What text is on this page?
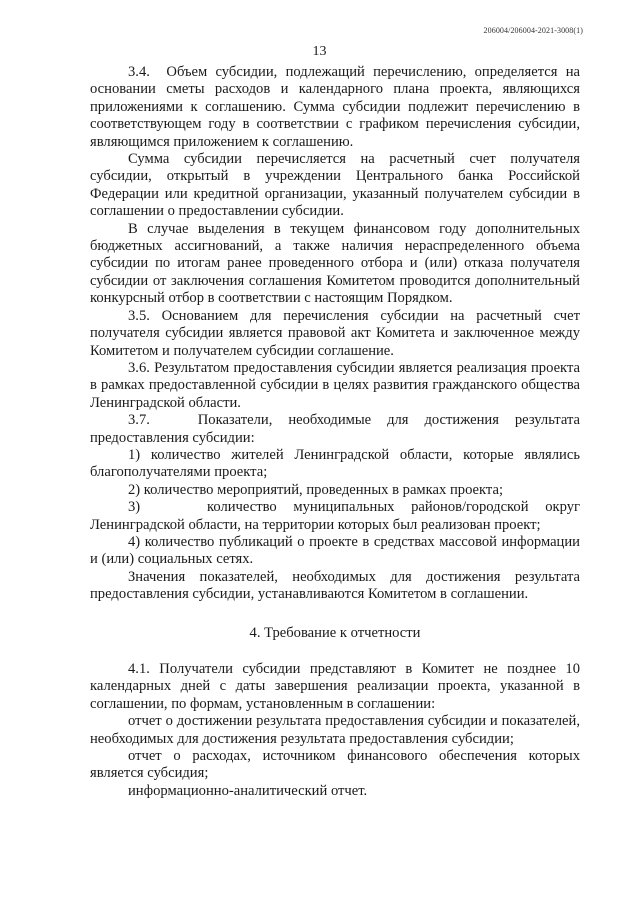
206004/206004-2021-3008(1)
13

3.4.  Объем субсидии, подлежащий перечислению, определяется на основании сметы расходов и календарного плана проекта, являющихся приложениями к соглашению. Сумма субсидии подлежит перечислению в соответствующем году в соответствии с графиком перечисления субсидии, являющимся приложением к соглашению.

Сумма субсидии перечисляется на расчетный счет получателя субсидии, открытый в учреждении Центрального банка Российской Федерации или кредитной организации, указанный получателем субсидии в соглашении о предоставлении субсидии.

В случае выделения в текущем финансовом году дополнительных бюджетных ассигнований, а также наличия нераспределенного объема субсидии по итогам ранее проведенного отбора и (или) отказа получателя субсидии от заключения соглашения Комитетом проводится дополнительный конкурсный отбор в соответствии с настоящим Порядком.

3.5. Основанием для перечисления субсидии на расчетный счет получателя субсидии является правовой акт Комитета и заключенное между Комитетом и получателем субсидии соглашение.

3.6. Результатом предоставления субсидии является реализация проекта в рамках предоставленной субсидии в целях развития гражданского общества Ленинградской области.

3.7.   Показатели, необходимые для достижения результата предоставления субсидии:

1) количество жителей Ленинградской области, которые являлись благополучателями проекта;

2) количество мероприятий, проведенных в рамках проекта;

3)    количество муниципальных районов/городской округ Ленинградской области, на территории которых был реализован проект;

4) количество публикаций о проекте в средствах массовой информации и (или) социальных сетях.

Значения показателей, необходимых для достижения результата предоставления субсидии, устанавливаются Комитетом в соглашении.

4. Требование к отчетности

4.1. Получатели субсидии представляют в Комитет не позднее 10 календарных дней с даты завершения реализации проекта, указанной в соглашении, по формам, установленным в соглашении:

отчет о достижении результата предоставления субсидии и показателей, необходимых для достижения результата предоставления субсидии;

отчет о расходах, источником финансового обеспечения которых является субсидия;

информационно-аналитический отчет.
